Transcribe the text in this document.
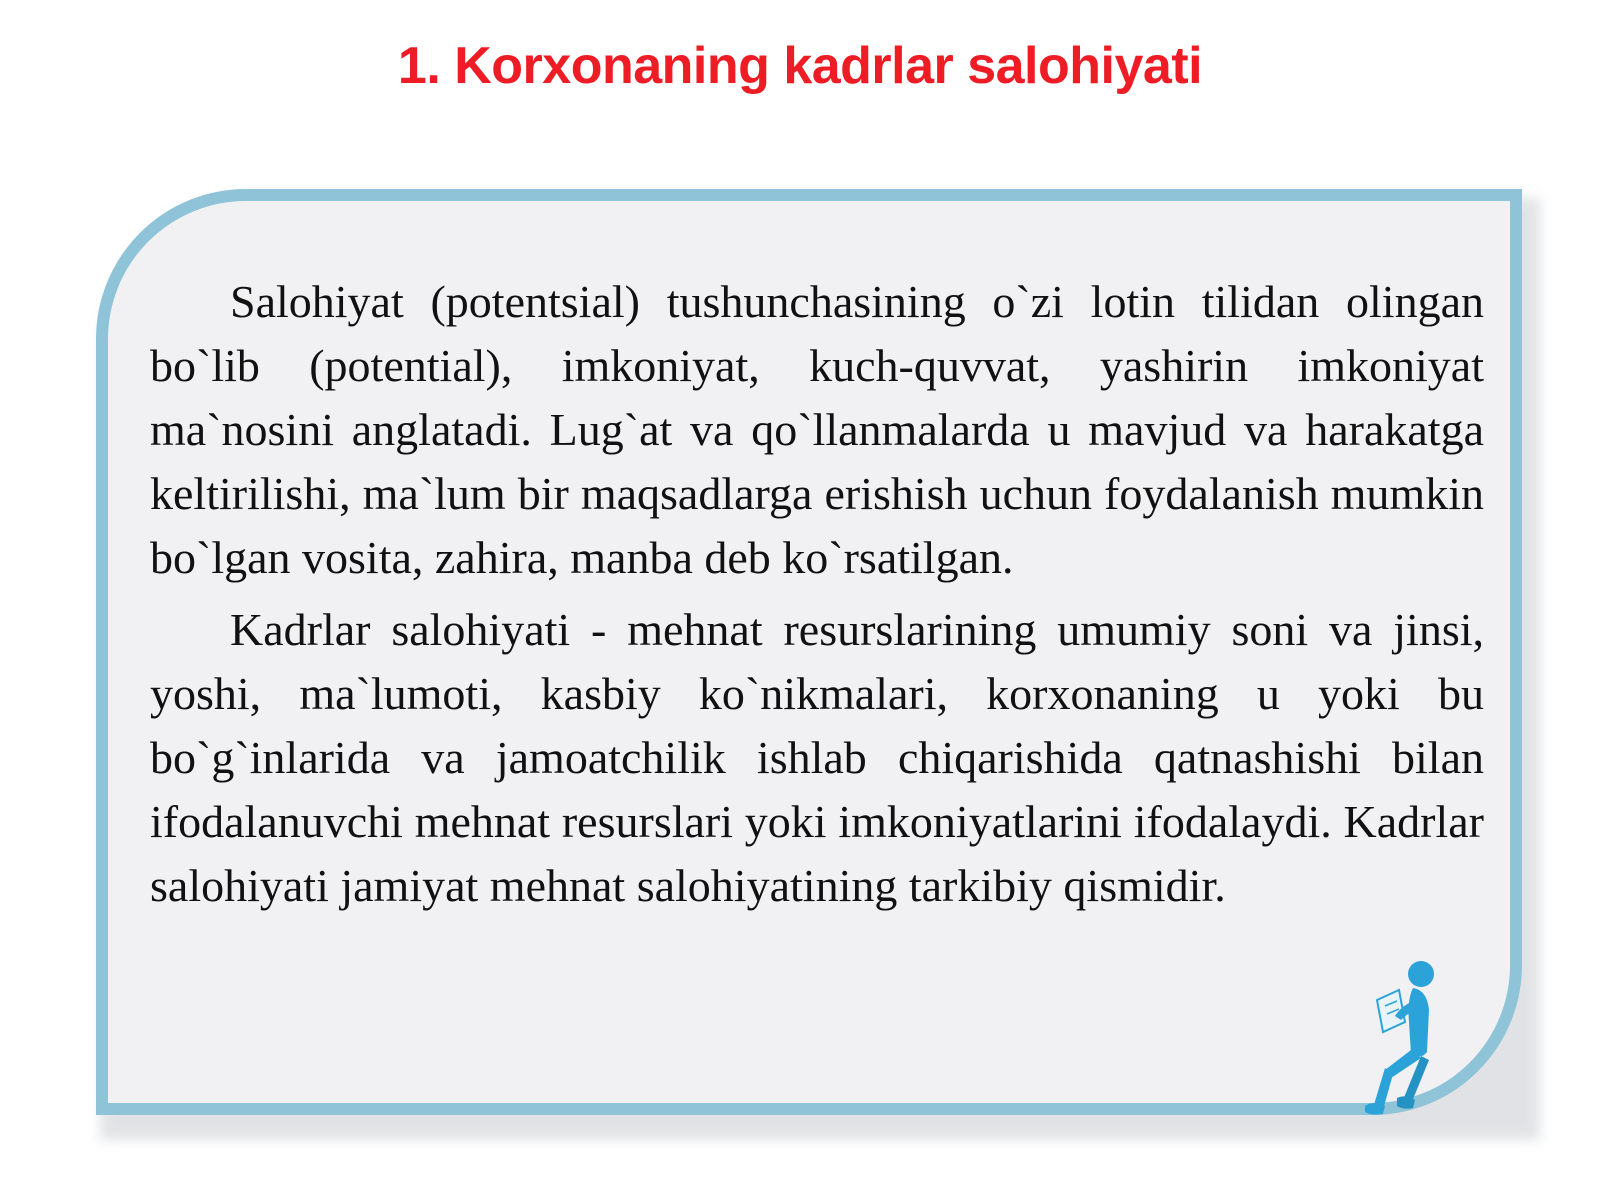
1. Korxonaning kadrlar salohiyati

Salohiyat (potentsial) tushunchasining o`zi lotin tilidan olingan bo`lib (potential), imkoniyat, kuch-quvvat, yashirin imkoniyat ma`nosini anglatadi. Lug`at va qo`llanmalarda u mavjud va harakatga keltirilishi, ma`lum bir maqsadlarga erishish uchun foydalanish mumkin bo`lgan vosita, zahira, manba deb ko`rsatilgan.

Kadrlar salohiyati - mehnat resurslarining umumiy soni va jinsi, yoshi, ma`lumoti, kasbiy ko`nikmalari, korxonaning u yoki bu bo`g`inlarida va jamoatchilik ishlab chiqarishida qatnashishi bilan ifodalanuvchi mehnat resurslari yoki imkoniyatlarini ifodalaydi. Kadrlar salohiyati jamiyat mehnat salohiyatining tarkibiy qismidir.
